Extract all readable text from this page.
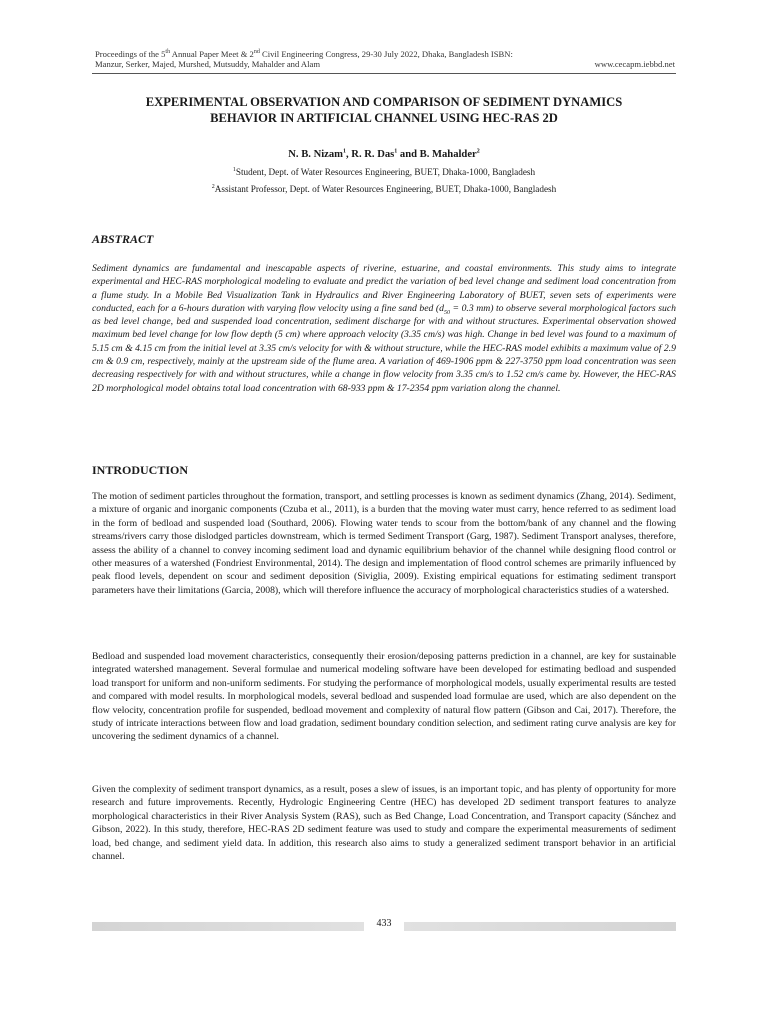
Proceedings of the 5th Annual Paper Meet & 2nd Civil Engineering Congress, 29-30 July 2022, Dhaka, Bangladesh ISBN:
Manzur, Serker, Majed, Murshed, Mutsuddy, Mahalder and Alam	www.cecapm.iebbd.net
EXPERIMENTAL OBSERVATION AND COMPARISON OF SEDIMENT DYNAMICS
BEHAVIOR IN ARTIFICIAL CHANNEL USING HEC-RAS 2D
N. B. Nizam$^1$, R. R. Das$^1$ and B. Mahalder$^2$
$^1$Student, Dept. of Water Resources Engineering, BUET, Dhaka-1000, Bangladesh
$^2$Assistant Professor, Dept. of Water Resources Engineering, BUET, Dhaka-1000, Bangladesh
ABSTRACT
Sediment dynamics are fundamental and inescapable aspects of riverine, estuarine, and coastal environments. This study aims to integrate experimental and HEC-RAS morphological modeling to evaluate and predict the variation of bed level change and sediment load concentration from a flume study. In a Mobile Bed Visualization Tank in Hydraulics and River Engineering Laboratory of BUET, seven sets of experiments were conducted, each for a 6-hours duration with varying flow velocity using a fine sand bed ($d_{50} = 0.3$ mm) to observe several morphological factors such as bed level change, bed and suspended load concentration, sediment discharge for with and without structures. Experimental observation showed maximum bed level change for low flow depth (5 cm) where approach velocity (3.35 cm/s) was high. Change in bed level was found to a maximum of 5.15 cm & 4.15 cm from the initial level at 3.35 cm/s velocity for with & without structure, while the HEC-RAS model exhibits a maximum value of 2.9 cm & 0.9 cm, respectively, mainly at the upstream side of the flume area. A variation of 469-1906 ppm & 227-3750 ppm load concentration was seen decreasing respectively for with and without structures, while a change in flow velocity from 3.35 cm/s to 1.52 cm/s came by. However, the HEC-RAS 2D morphological model obtains total load concentration with 68-933 ppm & 17-2354 ppm variation along the channel.
INTRODUCTION
The motion of sediment particles throughout the formation, transport, and settling processes is known as sediment dynamics (Zhang, 2014). Sediment, a mixture of organic and inorganic components (Czuba et al., 2011), is a burden that the moving water must carry, hence referred to as sediment load in the form of bedload and suspended load (Southard, 2006). Flowing water tends to scour from the bottom/bank of any channel and the flowing streams/rivers carry those dislodged particles downstream, which is termed Sediment Transport (Garg, 1987). Sediment Transport analyses, therefore, assess the ability of a channel to convey incoming sediment load and dynamic equilibrium behavior of the channel while designing flood control or other measures of a watershed (Fondriest Environmental, 2014). The design and implementation of flood control schemes are primarily influenced by peak flood levels, dependent on scour and sediment deposition (Siviglia, 2009). Existing empirical equations for estimating sediment transport parameters have their limitations (Garcia, 2008), which will therefore influence the accuracy of morphological characteristics studies of a watershed.
Bedload and suspended load movement characteristics, consequently their erosion/deposing patterns prediction in a channel, are key for sustainable integrated watershed management. Several formulae and numerical modeling software have been developed for estimating bedload and suspended load transport for uniform and non-uniform sediments. For studying the performance of morphological models, usually experimental results are tested and compared with model results. In morphological models, several bedload and suspended load formulae are used, which are also dependent on the flow velocity, concentration profile for suspended, bedload movement and complexity of natural flow pattern (Gibson and Cai, 2017). Therefore, the study of intricate interactions between flow and load gradation, sediment boundary condition selection, and sediment rating curve analysis are key for uncovering the sediment dynamics of a channel.
Given the complexity of sediment transport dynamics, as a result, poses a slew of issues, is an important topic, and has plenty of opportunity for more research and future improvements. Recently, Hydrologic Engineering Centre (HEC) has developed 2D sediment transport features to analyze morphological characteristics in their River Analysis System (RAS), such as Bed Change, Load Concentration, and Transport capacity (Sánchez and Gibson, 2022). In this study, therefore, HEC-RAS 2D sediment feature was used to study and compare the experimental measurements of sediment load, bed change, and sediment yield data. In addition, this research also aims to study a generalized sediment transport behavior in an artificial channel.
433
